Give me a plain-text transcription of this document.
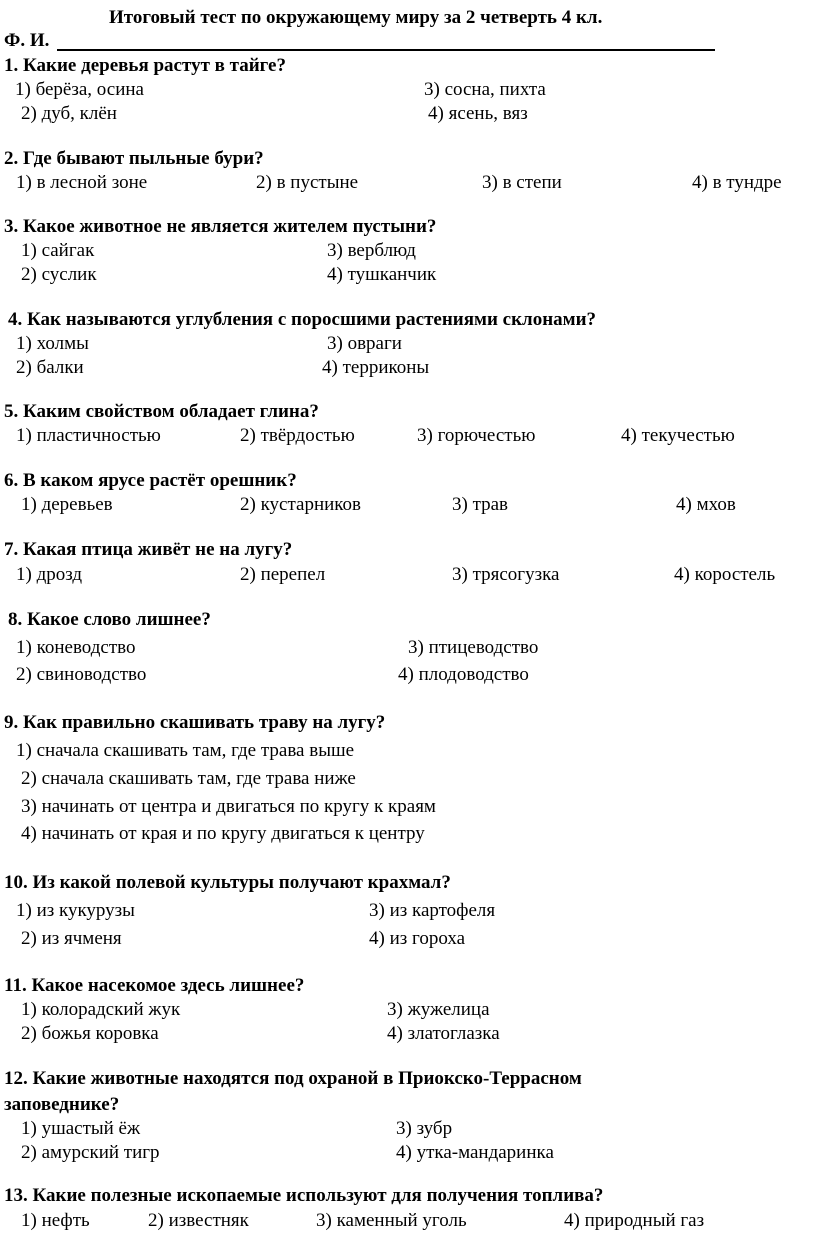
Итоговый тест по окружающему миру за 2 четверть 4 кл.
Ф. И.
1. Какие деревья растут в тайге?
1) берёза, осина	3) сосна, пихта
2) дуб, клён	4) ясень, вяз
2. Где бывают пыльные бури?
1) в лесной зоне	2) в пустыне	3) в степи	4) в тундре
3. Какое животное не является жителем пустыни?
1) сайгак	3) верблюд
2) суслик	4) тушканчик
4. Как называются углубления с поросшими растениями склонами?
1) холмы	3) овраги
2) балки	4) терриконы
5. Каким свойством обладает глина?
1) пластичностью	2) твёрдостью	3) горючестью	4) текучестью
6. В каком ярусе растёт орешник?
1) деревьев	2) кустарников	3) трав	4) мхов
7. Какая птица живёт не на лугу?
1) дрозд	2) перепел	3) трясогузка	4) коростель
8. Какое слово лишнее?
1) коневодство	3) птицеводство
2) свиноводство	4) плодоводство
9. Как правильно скашивать траву на лугу?
1) сначала скашивать там, где трава выше
2) сначала скашивать там, где трава ниже
3) начинать от центра и двигаться по кругу к краям
4) начинать от края и по кругу двигаться к центру
10. Из какой полевой культуры получают крахмал?
1) из кукурузы	3) из картофеля
2) из ячменя	4) из гороха
11. Какое насекомое здесь лишнее?
1) колорадский жук	3) жужелица
2) божья коровка	4) златоглазка
12. Какие животные находятся под охраной в Приокско-Террасном
заповеднике?
1) ушастый ёж	3) зубр
2) амурский тигр	4) утка-мандаринка
13. Какие полезные ископаемые используют для получения топлива?
1) нефть	2) известняк	3) каменный уголь	4) природный газ
